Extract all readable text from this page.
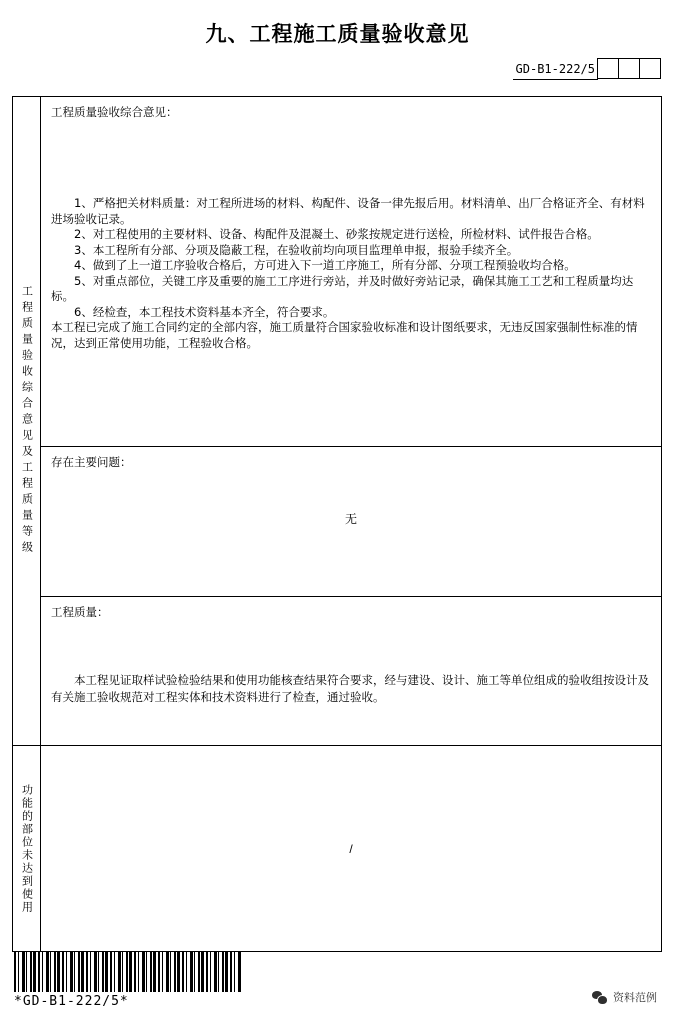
九、工程施工质量验收意见
GD-B1-222/5
工程质量验收综合意见及工程质量等级
工程质量验收综合意见：

1、严格把关材料质量：对工程所进场的材料、构配件、设备一律先报后用。材料清单、出厂合格证齐全、有材料进场验收记录。

2、对工程使用的主要材料、设备、构配件及混凝土、砂浆按规定进行送检，所检材料、试件报告合格。

3、本工程所有分部、分项及隐蔽工程，在验收前均向项目监理单申报，报验手续齐全。

4、做到了上一道工序验收合格后，方可进入下一道工序施工，所有分部、分项工程预验收均合格。

5、对重点部位，关键工序及重要的施工工序进行旁站，并及时做好旁站记录，确保其施工工艺和工程质量均达标。

6、经检查，本工程技术资料基本齐全，符合要求。

本工程已完成了施工合同约定的全部内容，施工质量符合国家验收标准和设计图纸要求，无违反国家强制性标准的情况，达到正常使用功能，工程验收合格。

存在主要问题：
无
工程质量：
本工程见证取样试验检验结果和使用功能核查结果符合要求，经与建设、设计、施工等单位组成的验收组按设计及有关施工验收规范对工程实体和技术资料进行了检查，通过验收。
功能的部位未达到使用	/
*GD-B1-222/5*	资料范例
